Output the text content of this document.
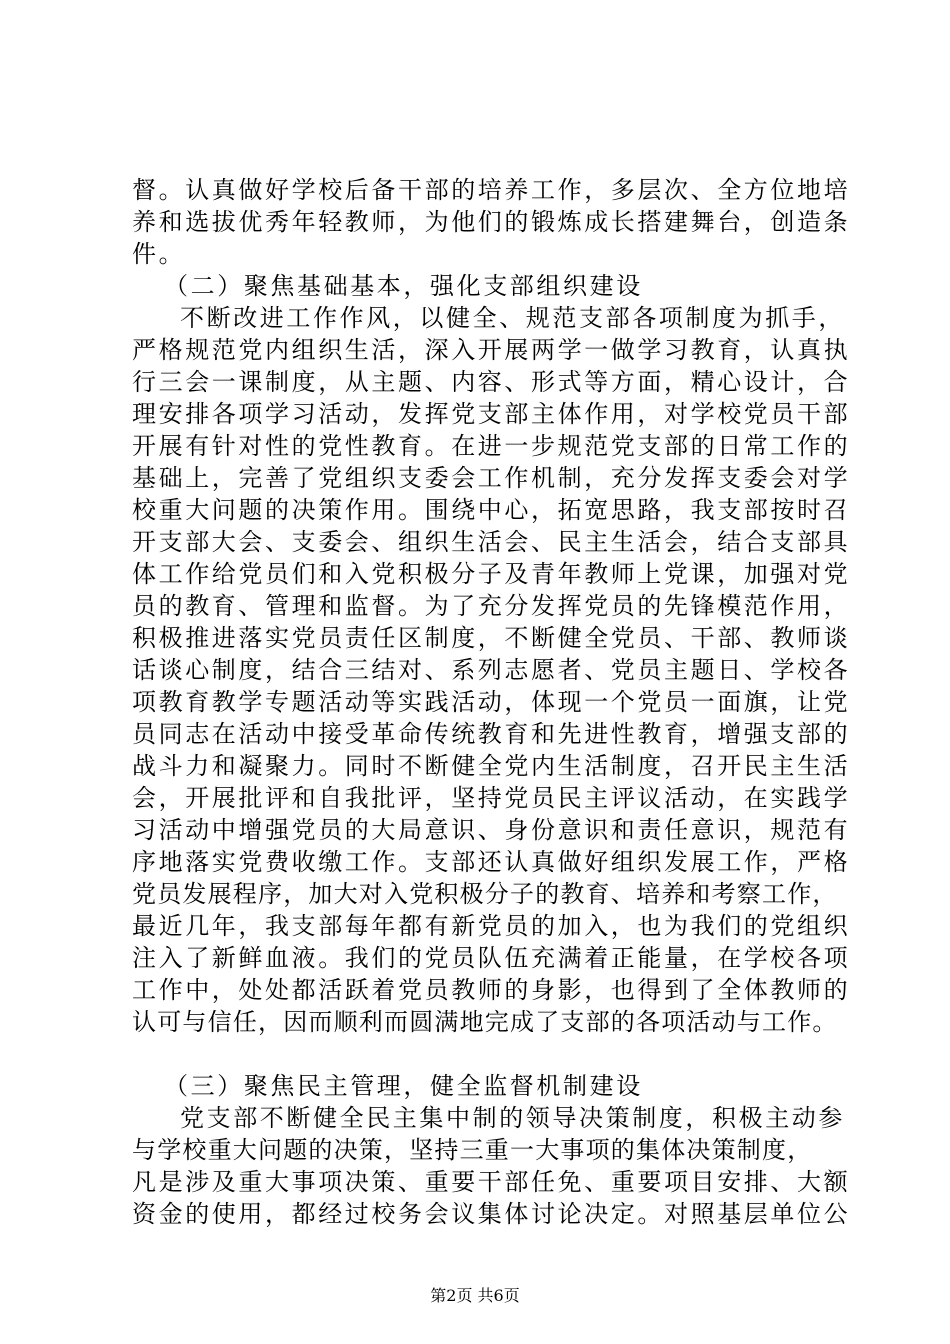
督。认真做好学校后备干部的培养工作，多层次、全方位地培
养和选拔优秀年轻教师，为他们的锻炼成长搭建舞台，创造条
件。
（二）聚焦基础基本，强化支部组织建设
不断改进工作作风，以健全、规范支部各项制度为抓手，
严格规范党内组织生活，深入开展两学一做学习教育，认真执
行三会一课制度，从主题、内容、形式等方面，精心设计，合
理安排各项学习活动，发挥党支部主体作用，对学校党员干部
开展有针对性的党性教育。在进一步规范党支部的日常工作的
基础上，完善了党组织支委会工作机制，充分发挥支委会对学
校重大问题的决策作用。围绕中心，拓宽思路，我支部按时召
开支部大会、支委会、组织生活会、民主生活会，结合支部具
体工作给党员们和入党积极分子及青年教师上党课，加强对党
员的教育、管理和监督。为了充分发挥党员的先锋模范作用，
积极推进落实党员责任区制度，不断健全党员、干部、教师谈
话谈心制度，结合三结对、系列志愿者、党员主题日、学校各
项教育教学专题活动等实践活动，体现一个党员一面旗，让党
员同志在活动中接受革命传统教育和先进性教育，增强支部的
战斗力和凝聚力。同时不断健全党内生活制度，召开民主生活
会，开展批评和自我批评，坚持党员民主评议活动，在实践学
习活动中增强党员的大局意识、身份意识和责任意识，规范有
序地落实党费收缴工作。支部还认真做好组织发展工作，严格
党员发展程序，加大对入党积极分子的教育、培养和考察工作，
最近几年，我支部每年都有新党员的加入，也为我们的党组织
注入了新鲜血液。我们的党员队伍充满着正能量，在学校各项
工作中，处处都活跃着党员教师的身影，也得到了全体教师的
认可与信任，因而顺利而圆满地完成了支部的各项活动与工作。
（三）聚焦民主管理，健全监督机制建设
党支部不断健全民主集中制的领导决策制度，积极主动参
与学校重大问题的决策，坚持三重一大事项的集体决策制度，
凡是涉及重大事项决策、重要干部任免、重要项目安排、大额
资金的使用，都经过校务会议集体讨论决定。对照基层单位公
第2页 共6页
